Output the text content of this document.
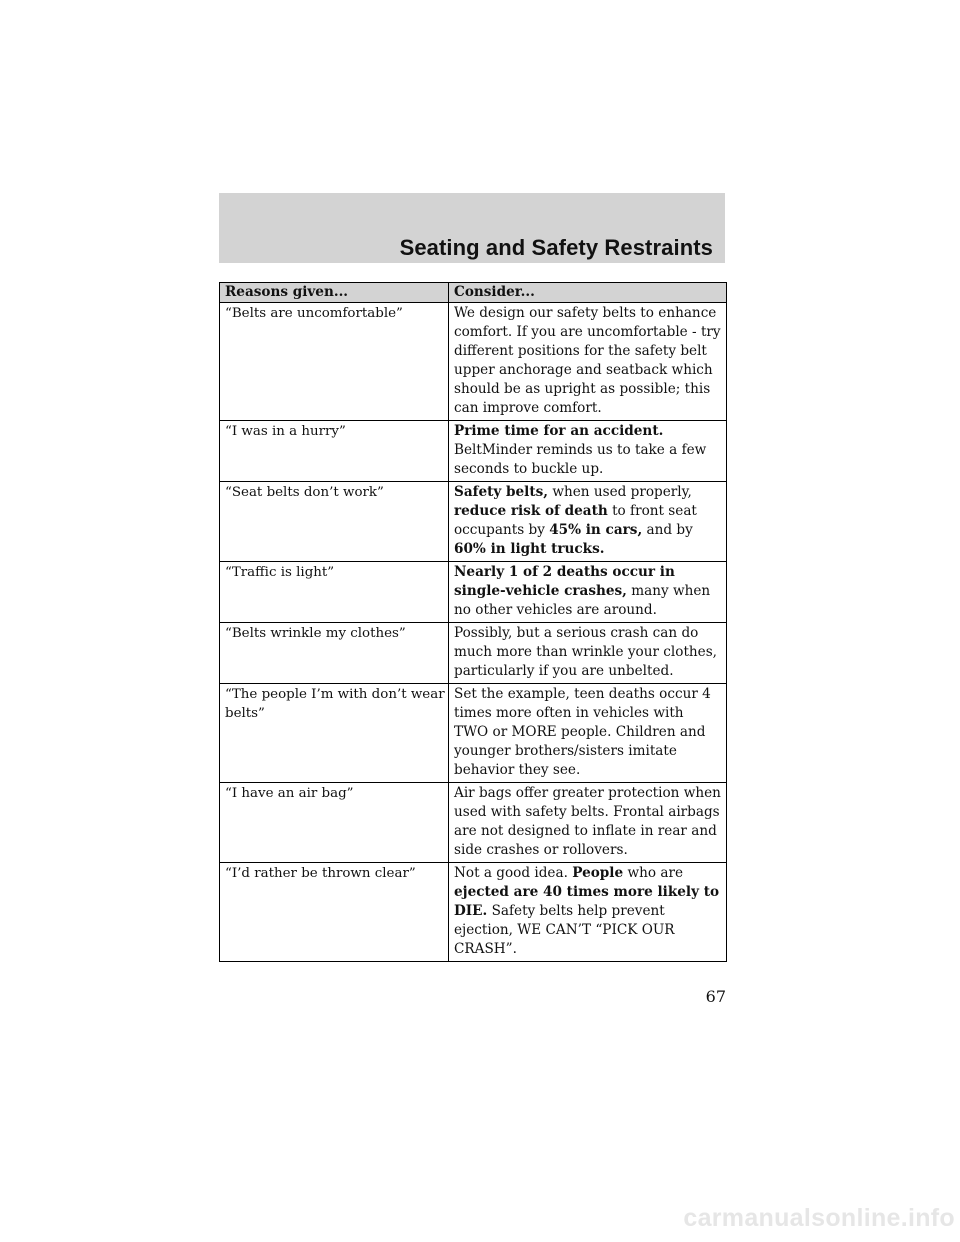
Seating and Safety Restraints
Reasons given...	Consider...
“Belts are uncomfortable”	We design our safety belts to enhance comfort. If you are uncomfortable - try different positions for the safety belt upper anchorage and seatback which should be as upright as possible; this can improve comfort.
“I was in a hurry”	Prime time for an accident. BeltMinder reminds us to take a few seconds to buckle up.
“Seat belts don’t work”	Safety belts, when used properly, reduce risk of death to front seat occupants by 45% in cars, and by 60% in light trucks.
“Traffic is light”	Nearly 1 of 2 deaths occur in single-vehicle crashes, many when no other vehicles are around.
“Belts wrinkle my clothes”	Possibly, but a serious crash can do much more than wrinkle your clothes, particularly if you are unbelted.
“The people I’m with don’t wear belts”	Set the example, teen deaths occur 4 times more often in vehicles with TWO or MORE people. Children and younger brothers/sisters imitate behavior they see.
“I have an air bag”	Air bags offer greater protection when used with safety belts. Frontal airbags are not designed to inflate in rear and side crashes or rollovers.
“I’d rather be thrown clear”	Not a good idea. People who are ejected are 40 times more likely to DIE. Safety belts help prevent ejection, WE CAN’T “PICK OUR CRASH”.
67
carmanualsonline.info
